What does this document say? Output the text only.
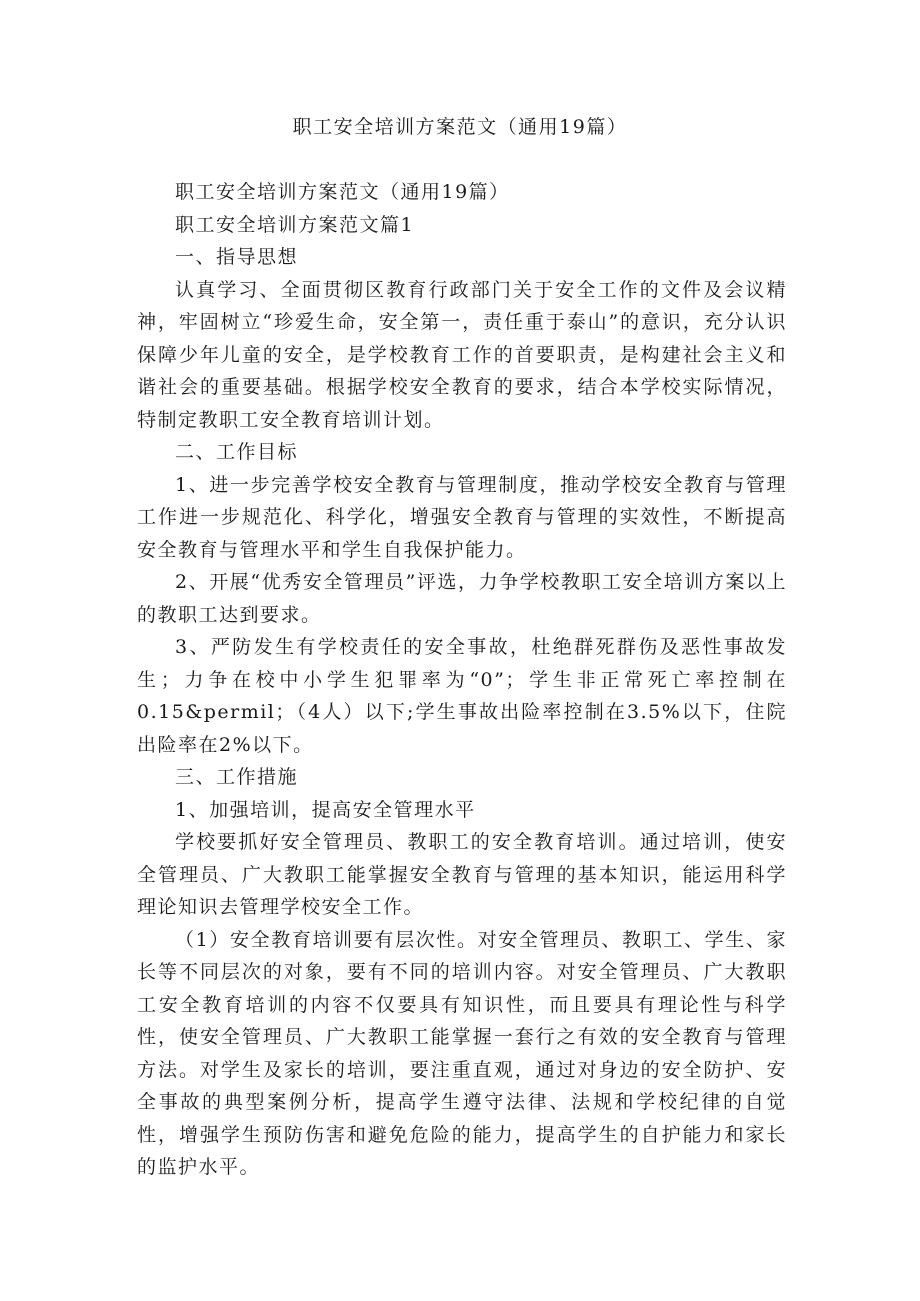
职工安全培训方案范文（通用19篇）

职工安全培训方案范文（通用19篇）

职工安全培训方案范文篇1

一、指导思想

认真学习、全面贯彻区教育行政部门关于安全工作的文件及会议精神，牢固树立“珍爱生命，安全第一，责任重于泰山”的意识，充分认识保障少年儿童的安全，是学校教育工作的首要职责，是构建社会主义和谐社会的重要基础。根据学校安全教育的要求，结合本学校实际情况，特制定教职工安全教育培训计划。

二、工作目标

1、进一步完善学校安全教育与管理制度，推动学校安全教育与管理工作进一步规范化、科学化，增强安全教育与管理的实效性，不断提高安全教育与管理水平和学生自我保护能力。

2、开展“优秀安全管理员”评选，力争学校教职工安全培训方案以上的教职工达到要求。

3、严防发生有学校责任的安全事故，杜绝群死群伤及恶性事故发生；力争在校中小学生犯罪率为“0”；学生非正常死亡率控制在0.15&permil；（4人）以下;学生事故出险率控制在3.5%以下，住院出险率在2%以下。

三、工作措施

1、加强培训，提高安全管理水平

学校要抓好安全管理员、教职工的安全教育培训。通过培训，使安全管理员、广大教职工能掌握安全教育与管理的基本知识，能运用科学理论知识去管理学校安全工作。

（1）安全教育培训要有层次性。对安全管理员、教职工、学生、家长等不同层次的对象，要有不同的培训内容。对安全管理员、广大教职工安全教育培训的内容不仅要具有知识性，而且要具有理论性与科学性，使安全管理员、广大教职工能掌握一套行之有效的安全教育与管理方法。对学生及家长的培训，要注重直观，通过对身边的安全防护、安全事故的典型案例分析，提高学生遵守法律、法规和学校纪律的自觉性，增强学生预防伤害和避免危险的能力，提高学生的自护能力和家长的监护水平。
